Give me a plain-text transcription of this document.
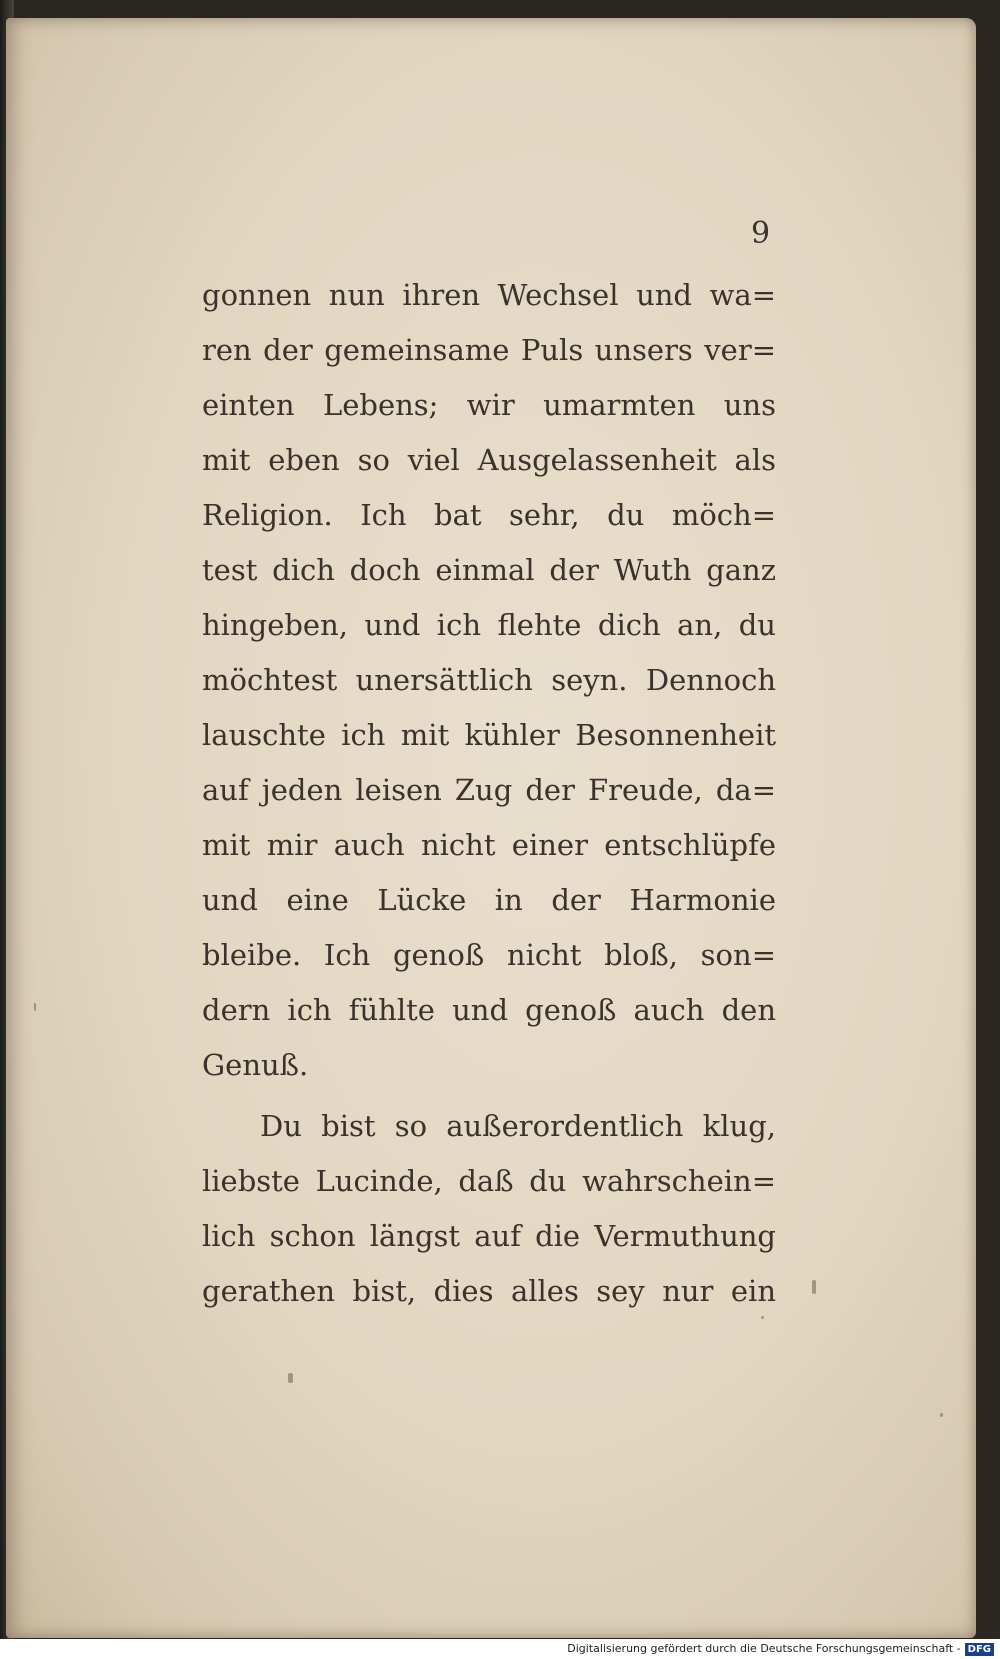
9

gonnen nun ihren Wechsel und wa=
ren der gemeinsame Puls unsers ver=
einten Lebens; wir umarmten uns
mit eben so viel Ausgelassenheit als
Religion. Ich bat sehr, du möch=
test dich doch einmal der Wuth ganz
hingeben, und ich flehte dich an, du
möchtest unersättlich seyn. Dennoch
lauschte ich mit kühler Besonnenheit
auf jeden leisen Zug der Freude, da=
mit mir auch nicht einer entschlüpfe
und eine Lücke in der Harmonie
bleibe. Ich genoß nicht bloß, son=
dern ich fühlte und genoß auch den
Genuß.
Du bist so außerordentlich klug,
liebste Lucinde, daß du wahrschein=
lich schon längst auf die Vermuthung
gerathen bist, dies alles sey nur ein
Digitalisierung gefördert durch die Deutsche Forschungsgemeinschaft - DFG
